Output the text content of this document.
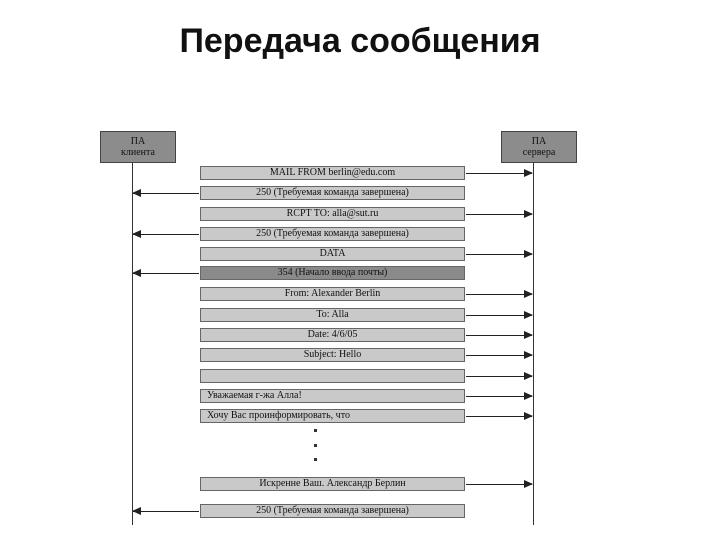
Передача сообщения
ПА
клиента
ПА
сервера
MAIL FROM berlin@edu.com
250 (Требуемая команда завершена)
RCPT TO: alla@sut.ru
250 (Требуемая команда завершена)
DATA
354 (Начало ввода почты)
From: Alexander Berlin
To: Alla
Date: 4/6/05
Subject: Hello
Уважаемая г-жа Алла!
Хочу Вас проинформировать, что
Искренне Ваш. Александр Берлин
250 (Требуемая команда завершена)
